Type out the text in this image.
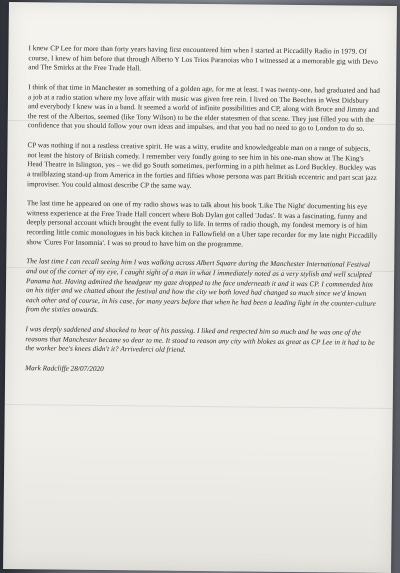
I knew CP Lee for more than forty years having first encountered him when I started at Piccadilly Radio in 1979. Of course, I knew of him before that through Alberto Y Los Trios Paranoias who I witnessed at a memorable gig with Devo and The Smirks at the Free Trade Hall.

I think of that time in Manchester as something of a golden age, for me at least. I was twenty-one, had graduated and had a job at a radio station where my love affair with music was given free rein. I lived on The Beeches in West Didsbury and everybody I knew was in a band. It seemed a world of infinite possibilities and CP, along with Bruce and Jimmy and the rest of the Albertos, seemed (like Tony Wilson) to be the elder statesmen of that scene. They just filled you with the confidence that you should follow your own ideas and impulses, and that you had no need to go to London to do so.

CP was nothing if not a restless creative spirit. He was a witty, erudite and knowledgeable man on a range of subjects, not least the history of British comedy. I remember very fondly going to see him in his one-man show at The King's Head Theatre in Islington, yes – we did go South sometimes, performing in a pith helmet as Lord Buckley. Buckley was a trailblazing stand-up from America in the forties and fifties whose persona was part British eccentric and part scat jazz improviser. You could almost describe CP the same way.

The last time he appeared on one of my radio shows was to talk about his book 'Like The Night' documenting his eye witness experience at the Free Trade Hall concert where Bob Dylan got called 'Judas'. It was a fascinating, funny and deeply personal account which brought the event fully to life. In terms of radio though, my fondest memory is of him recording little comic monologues in his back kitchen in Fallowfield on a Uher tape recorder for my late night Piccadilly show 'Cures For Insomnia'. I was so proud to have him on the programme.

The last time I can recall seeing him I was walking across Albert Square during the Manchester International Festival and out of the corner of my eye, I caught sight of a man in what I immediately noted as a very stylish and well sculpted Panama hat. Having admired the headgear my gaze dropped to the face underneath it and it was CP. I commended him on his titfer and we chatted about the festival and how the city we both loved had changed so much since we'd known each other and of course, in his case, for many years before that when he had been a leading light in the counter-culture from the sixties onwards.

I was deeply saddened and shocked to hear of his passing. I liked and respected him so much and he was one of the reasons that Manchester became so dear to me. It stood to reason any city with blokes as great as CP Lee in it had to be the worker bee's knees didn't it? Arrivederci old friend.

Mark Radcliffe 28/07/2020
